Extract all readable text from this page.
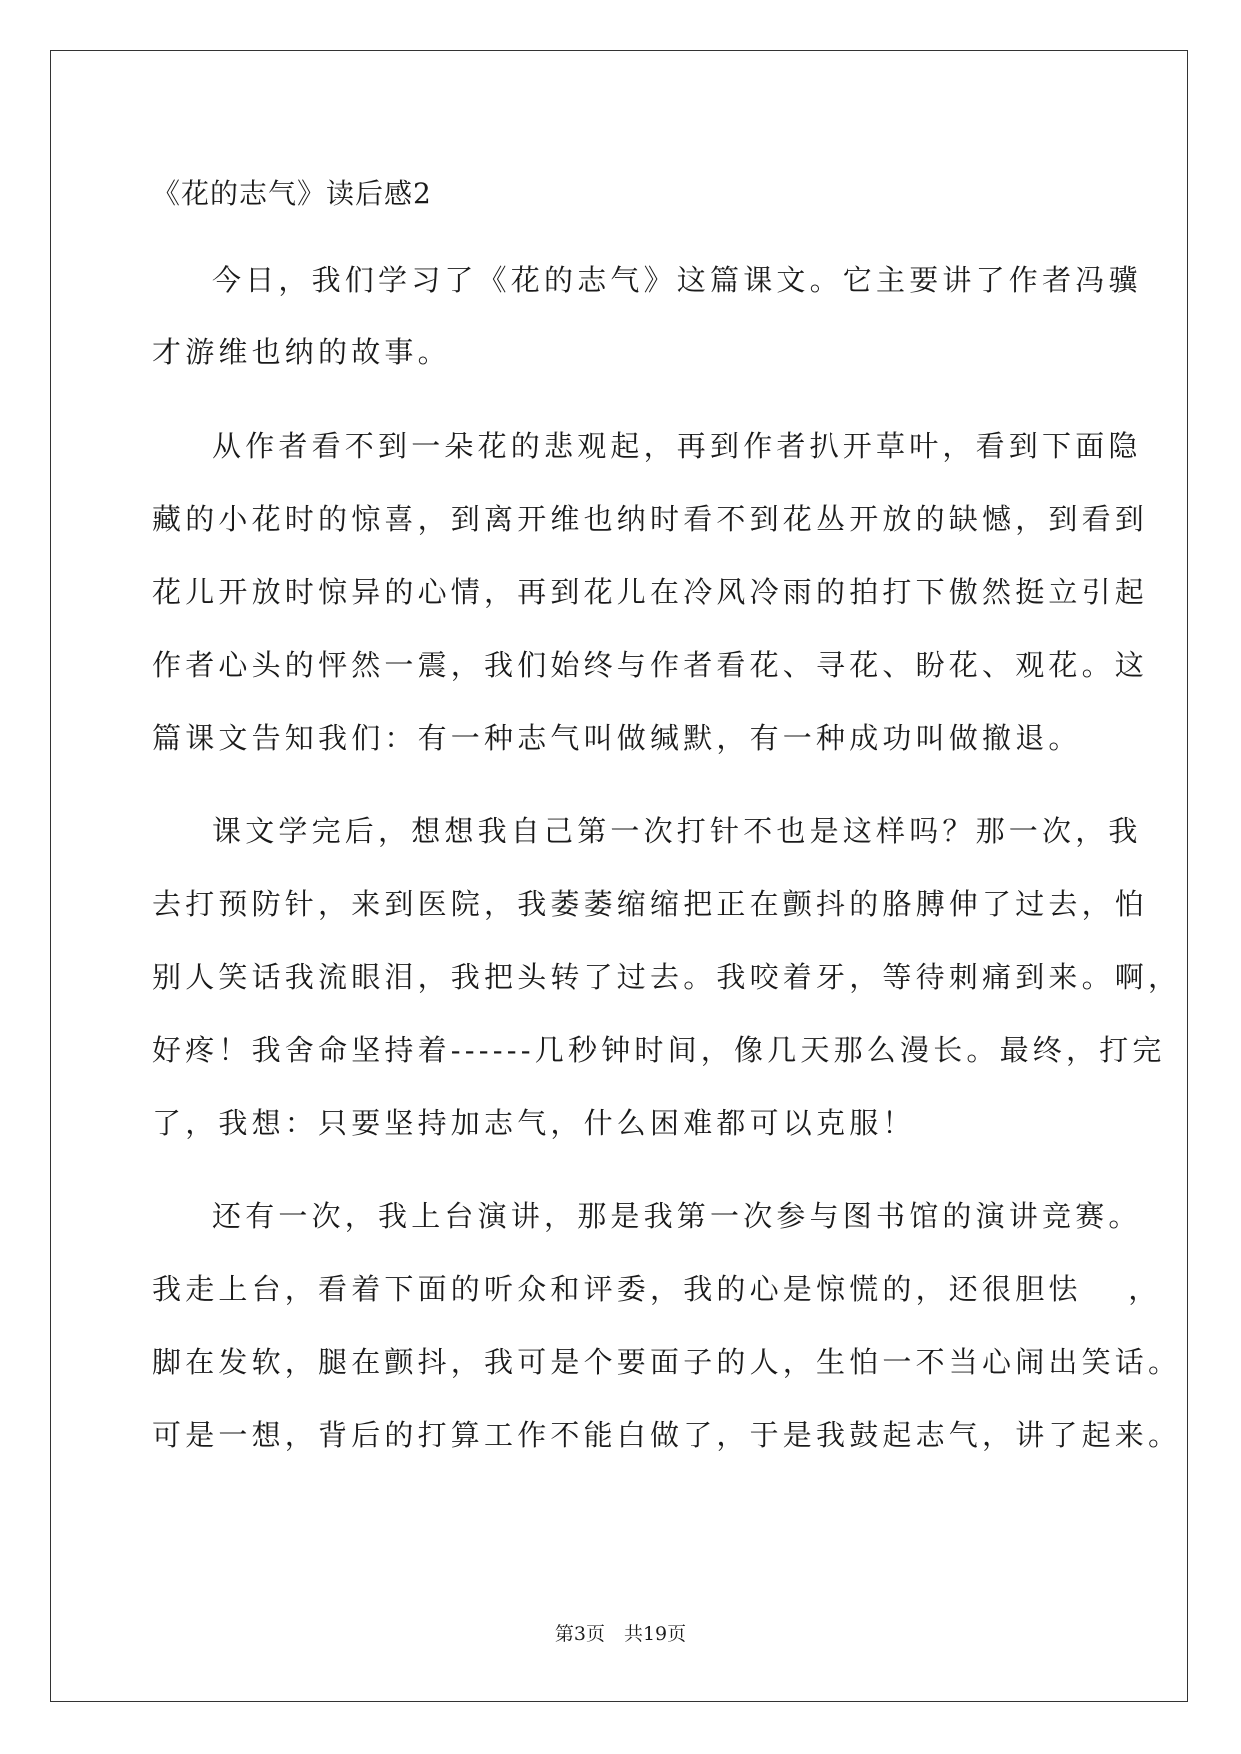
《花的志气》读后感2
今日，我们学习了《花的志气》这篇课文。它主要讲了作者冯骥
才游维也纳的故事。
从作者看不到一朵花的悲观起，再到作者扒开草叶，看到下面隐
藏的小花时的惊喜，到离开维也纳时看不到花丛开放的缺憾，到看到
花儿开放时惊异的心情，再到花儿在冷风冷雨的拍打下傲然挺立引起
作者心头的怦然一震，我们始终与作者看花、寻花、盼花、观花。这
篇课文告知我们：有一种志气叫做缄默，有一种成功叫做撤退。
课文学完后，想想我自己第一次打针不也是这样吗？那一次，我
去打预防针，来到医院，我萎萎缩缩把正在颤抖的胳膊伸了过去，怕
别人笑话我流眼泪，我把头转了过去。我咬着牙，等待刺痛到来。啊，
好疼！我舍命坚持着------几秒钟时间，像几天那么漫长。最终，打完
了，我想：只要坚持加志气，什么困难都可以克服！
还有一次，我上台演讲，那是我第一次参与图书馆的演讲竞赛。
我走上台，看着下面的听众和评委，我的心是惊慌的，还很胆怯　 ，
脚在发软，腿在颤抖，我可是个要面子的人，生怕一不当心闹出笑话。
可是一想，背后的打算工作不能白做了，于是我鼓起志气，讲了起来。
第3页　共19页
